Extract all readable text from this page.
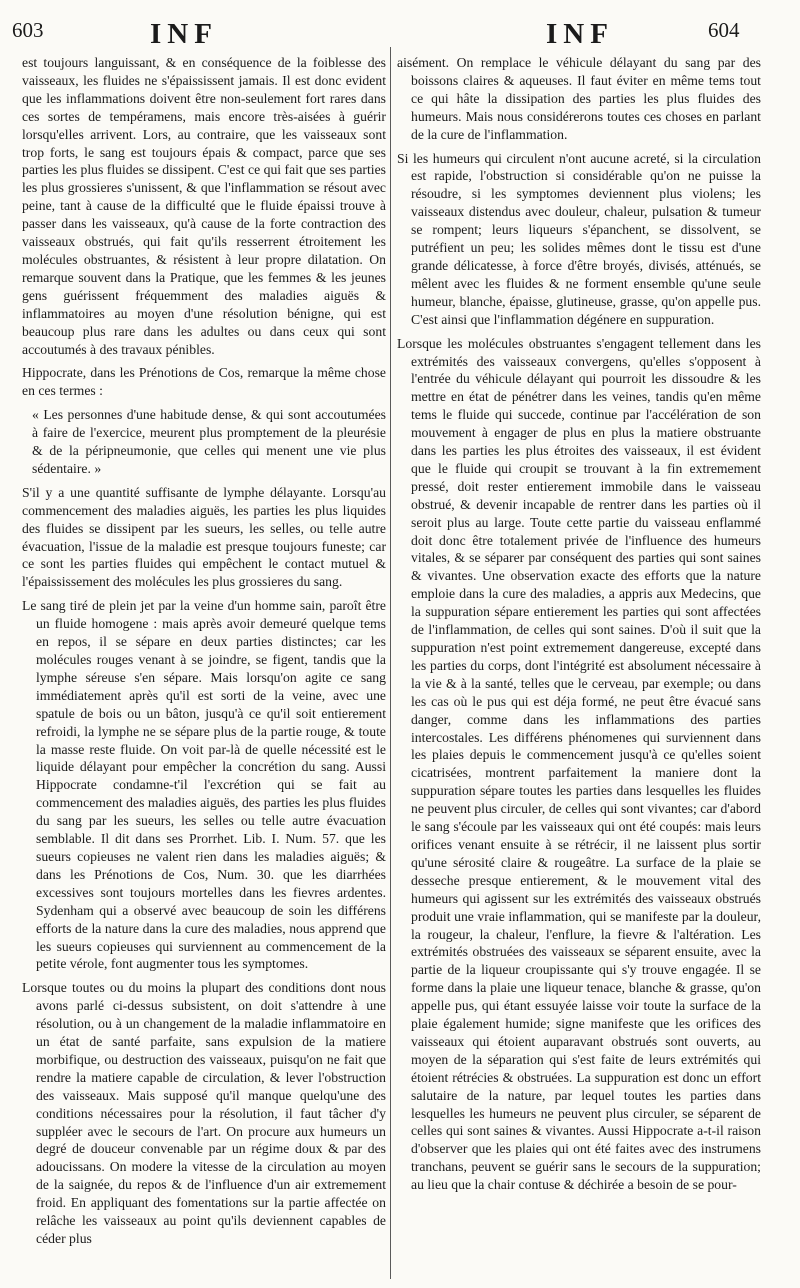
603	INF	INF	604

est toujours languissant, & en conséquence de la foiblesse des vaisseaux, les fluides ne s'épaississent jamais. Il est donc evident que les inflammations doivent être non-seulement fort rares dans ces sortes de tempéramens, mais encore très-aisées à guérir lorsqu'elles arrivent. Lors, au contraire, que les vaisseaux sont trop forts, le sang est toujours épais & compact, parce que ses parties les plus fluides se dissipent. C'est ce qui fait que ses parties les plus grossieres s'unissent, & que l'inflammation se résout avec peine, tant à cause de la difficulté que le fluide épaissi trouve à passer dans les vaisseaux, qu'à cause de la forte contraction des vaisseaux obstrués, qui fait qu'ils resserrent étroitement les molécules obstruantes, & résistent à leur propre dilatation. On remarque souvent dans la Pratique, que les femmes & les jeunes gens guérissent fréquemment des maladies aiguës & inflammatoires au moyen d'une résolution bénigne, qui est beaucoup plus rare dans les adultes ou dans ceux qui sont accoutumés à des travaux pénibles.

Hippocrate, dans les Prénotions de Cos, remarque la même chose en ces termes :

« Les personnes d'une habitude dense, & qui sont accoutumées à faire de l'exercice, meurent plus promptement de la pleurésie & de la péripneumonie, que celles qui menent une vie plus sédentaire. »

S'il y a une quantité suffisante de lymphe délayante. Lorsqu'au commencement des maladies aiguës, les parties les plus liquides des fluides se dissipent par les sueurs, les selles, ou telle autre évacuation, l'issue de la maladie est presque toujours funeste; car ce sont les parties fluides qui empêchent le contact mutuel & l'épaississement des molécules les plus grossieres du sang.

Le sang tiré de plein jet par la veine d'un homme sain, paroît être un fluide homogene : mais après avoir demeuré quelque tems en repos, il se sépare en deux parties distinctes; car les molécules rouges venant à se joindre, se figent, tandis que la lymphe séreuse s'en sépare. Mais lorsqu'on agite ce sang immédiatement après qu'il est sorti de la veine, avec une spatule de bois ou un bâton, jusqu'à ce qu'il soit entierement refroidi, la lymphe ne se sépare plus de la partie rouge, & toute la masse reste fluide. On voit par-là de quelle nécessité est le liquide délayant pour empêcher la concrétion du sang. Aussi Hippocrate condamne-t'il l'excrétion qui se fait au commencement des maladies aiguës, des parties les plus fluides du sang par les sueurs, les selles ou telle autre évacuation semblable. Il dit dans ses Prorrhet. Lib. I. Num. 57. que les sueurs copieuses ne valent rien dans les maladies aiguës; & dans les Prénotions de Cos, Num. 30. que les diarrhées excessives sont toujours mortelles dans les fievres ardentes. Sydenham qui a observé avec beaucoup de soin les différens efforts de la nature dans la cure des maladies, nous apprend que les sueurs copieuses qui surviennent au commencement de la petite vérole, font augmenter tous les symptomes.

Lorsque toutes ou du moins la plupart des conditions dont nous avons parlé ci-dessus subsistent, on doit s'attendre à une résolution, ou à un changement de la maladie inflammatoire en un état de santé parfaite, sans expulsion de la matiere morbifique, ou destruction des vaisseaux, puisqu'on ne fait que rendre la matiere capable de circulation, & lever l'obstruction des vaisseaux. Mais supposé qu'il manque quelqu'une des conditions nécessaires pour la résolution, il faut tâcher d'y suppléer avec le secours de l'art. On procure aux humeurs un degré de douceur convenable par un régime doux & par des adoucissans. On modere la vitesse de la circulation au moyen de la saignée, du repos & de l'influence d'un air extremement froid. En appliquant des fomentations sur la partie affectée on relâche les vaisseaux au point qu'ils deviennent capables de céder plus

aisément. On remplace le véhicule délayant du sang par des boissons claires & aqueuses. Il faut éviter en même tems tout ce qui hâte la dissipation des parties les plus fluides des humeurs. Mais nous considérerons toutes ces choses en parlant de la cure de l'inflammation.

Si les humeurs qui circulent n'ont aucune acreté, si la circulation est rapide, l'obstruction si considérable qu'on ne puisse la résoudre, si les symptomes deviennent plus violens; les vaisseaux distendus avec douleur, chaleur, pulsation & tumeur se rompent; leurs liqueurs s'épanchent, se dissolvent, se putréfient un peu; les solides mêmes dont le tissu est d'une grande délicatesse, à force d'être broyés, divisés, atténués, se mêlent avec les fluides & ne forment ensemble qu'une seule humeur, blanche, épaisse, glutineuse, grasse, qu'on appelle pus. C'est ainsi que l'inflammation dégénere en suppuration.

Lorsque les molécules obstruantes s'engagent tellement dans les extrémités des vaisseaux convergens, qu'elles s'opposent à l'entrée du véhicule délayant qui pourroit les dissoudre & les mettre en état de pénétrer dans les veines, tandis qu'en même tems le fluide qui succede, continue par l'accélération de son mouvement à engager de plus en plus la matiere obstruante dans les parties les plus étroites des vaisseaux, il est évident que le fluide qui croupit se trouvant à la fin extremement pressé, doit rester entierement immobile dans le vaisseau obstrué, & devenir incapable de rentrer dans les parties où il seroit plus au large. Toute cette partie du vaisseau enflammé doit donc être totalement privée de l'influence des humeurs vitales, & se séparer par conséquent des parties qui sont saines & vivantes. Une observation exacte des efforts que la nature emploie dans la cure des maladies, a appris aux Medecins, que la suppuration sépare entierement les parties qui sont affectées de l'inflammation, de celles qui sont saines. D'où il suit que la suppuration n'est point extremement dangereuse, excepté dans les parties du corps, dont l'intégrité est absolument nécessaire à la vie & à la santé, telles que le cerveau, par exemple; ou dans les cas où le pus qui est déja formé, ne peut être évacué sans danger, comme dans les inflammations des parties intercostales. Les différens phénomenes qui surviennent dans les plaies depuis le commencement jusqu'à ce qu'elles soient cicatrisées, montrent parfaitement la maniere dont la suppuration sépare toutes les parties dans lesquelles les fluides ne peuvent plus circuler, de celles qui sont vivantes; car d'abord le sang s'écoule par les vaisseaux qui ont été coupés: mais leurs orifices venant ensuite à se rétrécir, il ne laissent plus sortir qu'une sérosité claire & rougeâtre. La surface de la plaie se desseche presque entierement, & le mouvement vital des humeurs qui agissent sur les extrémités des vaisseaux obstrués produit une vraie inflammation, qui se manifeste par la douleur, la rougeur, la chaleur, l'enflure, la fievre & l'altération. Les extrémités obstruées des vaisseaux se séparent ensuite, avec la partie de la liqueur croupissante qui s'y trouve engagée. Il se forme dans la plaie une liqueur tenace, blanche & grasse, qu'on appelle pus, qui étant essuyée laisse voir toute la surface de la plaie également humide; signe manifeste que les orifices des vaisseaux qui étoient auparavant obstrués sont ouverts, au moyen de la séparation qui s'est faite de leurs extrémités qui étoient rétrécies & obstruées. La suppuration est donc un effort salutaire de la nature, par lequel toutes les parties dans lesquelles les humeurs ne peuvent plus circuler, se séparent de celles qui sont saines & vivantes. Aussi Hippocrate a-t-il raison d'observer que les plaies qui ont été faites avec des instrumens tranchans, peuvent se guérir sans le secours de la suppuration; au lieu que la chair contuse & déchirée a besoin de se pour-
